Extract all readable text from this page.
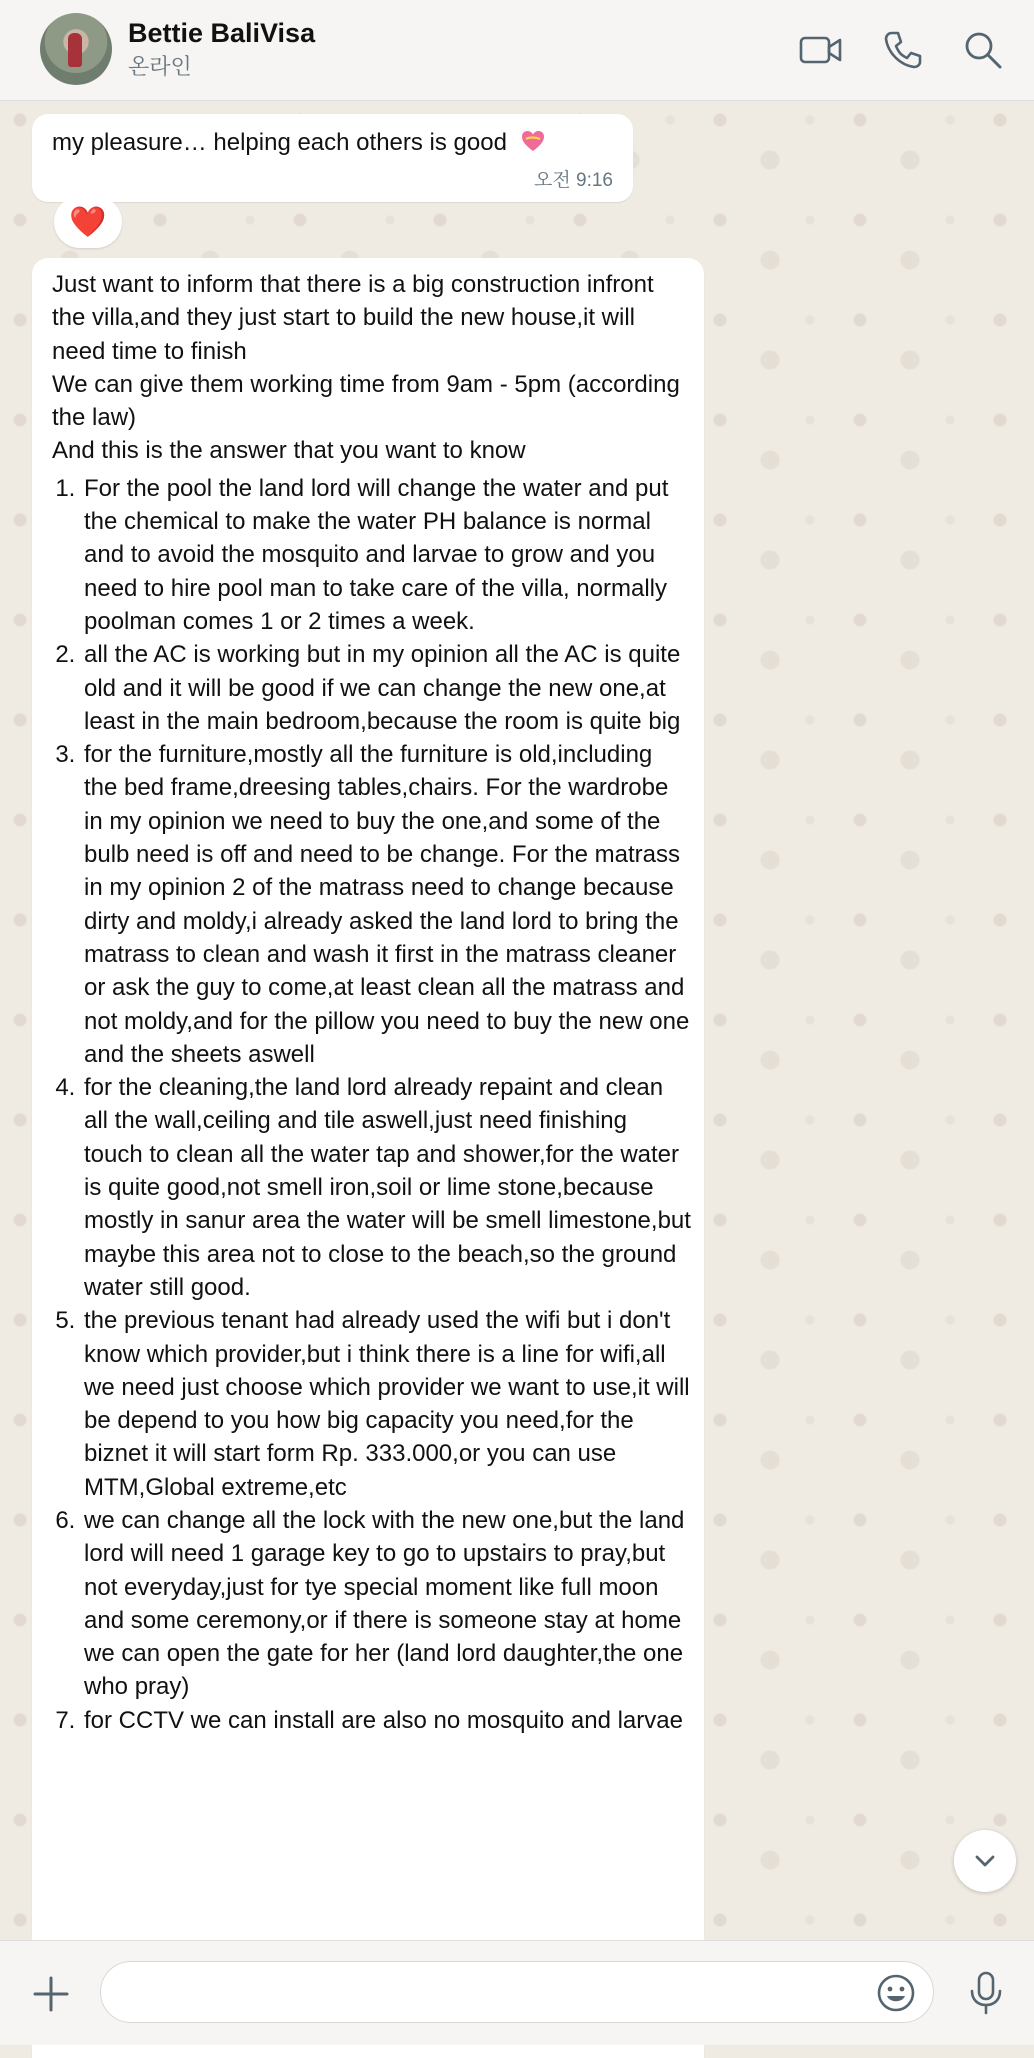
Bettie BaliVisa
온라인
my pleasure… helping each others is good
오전 9:16
❤️
Just want to inform that there is a big construction infront the villa,and they just start to build the new house,it will need time to finish
We can give them working time from 9am - 5pm (according the law)
And this is the answer that you want to know
1. For the pool the land lord will change the water and put the chemical to make the water PH balance is normal and to avoid the mosquito and larvae to grow and you need to hire pool man to take care of the villa, normally poolman comes 1 or 2 times a week.
2. all the AC is working but in my opinion all the AC is quite old and it will be good if we can change the new one,at least in the main bedroom,because the room is quite big
3. for the furniture,mostly all the furniture is old,including the bed frame,dreesing tables,chairs. For the wardrobe in my opinion we need to buy the one,and some of the bulb need is off and need to be change. For the matrass in my opinion 2 of the matrass need to change because dirty and moldy,i already asked the land lord to bring the matrass to clean and wash it first in the matrass cleaner or ask the guy to come,at least clean all the matrass and not moldy,and for the pillow you need to buy the new one and the sheets aswell
4. for the cleaning,the land lord already repaint and clean all the wall,ceiling and tile aswell,just need finishing touch to clean all the water tap and shower,for the water is quite good,not smell iron,soil or lime stone,because mostly in sanur area the water will be smell limestone,but maybe this area not to close to the beach,so the ground water still good.
5. the previous tenant had already used the wifi but i don't know which provider,but i think there is a line for wifi,all we need just choose which provider we want to use,it will be depend to you how big capacity you need,for the biznet it will start form Rp. 333.000,or you can use MTM,Global extreme,etc
6. we can change all the lock with the new one,but the land lord will need 1 garage key to go to upstairs to pray,but not everyday,just for tye special moment like full moon and some ceremony,or if there is someone stay at home we can open the gate for her (land lord daughter,the one who pray)
7. for CCTV we can install are also no mosquito and larvae
